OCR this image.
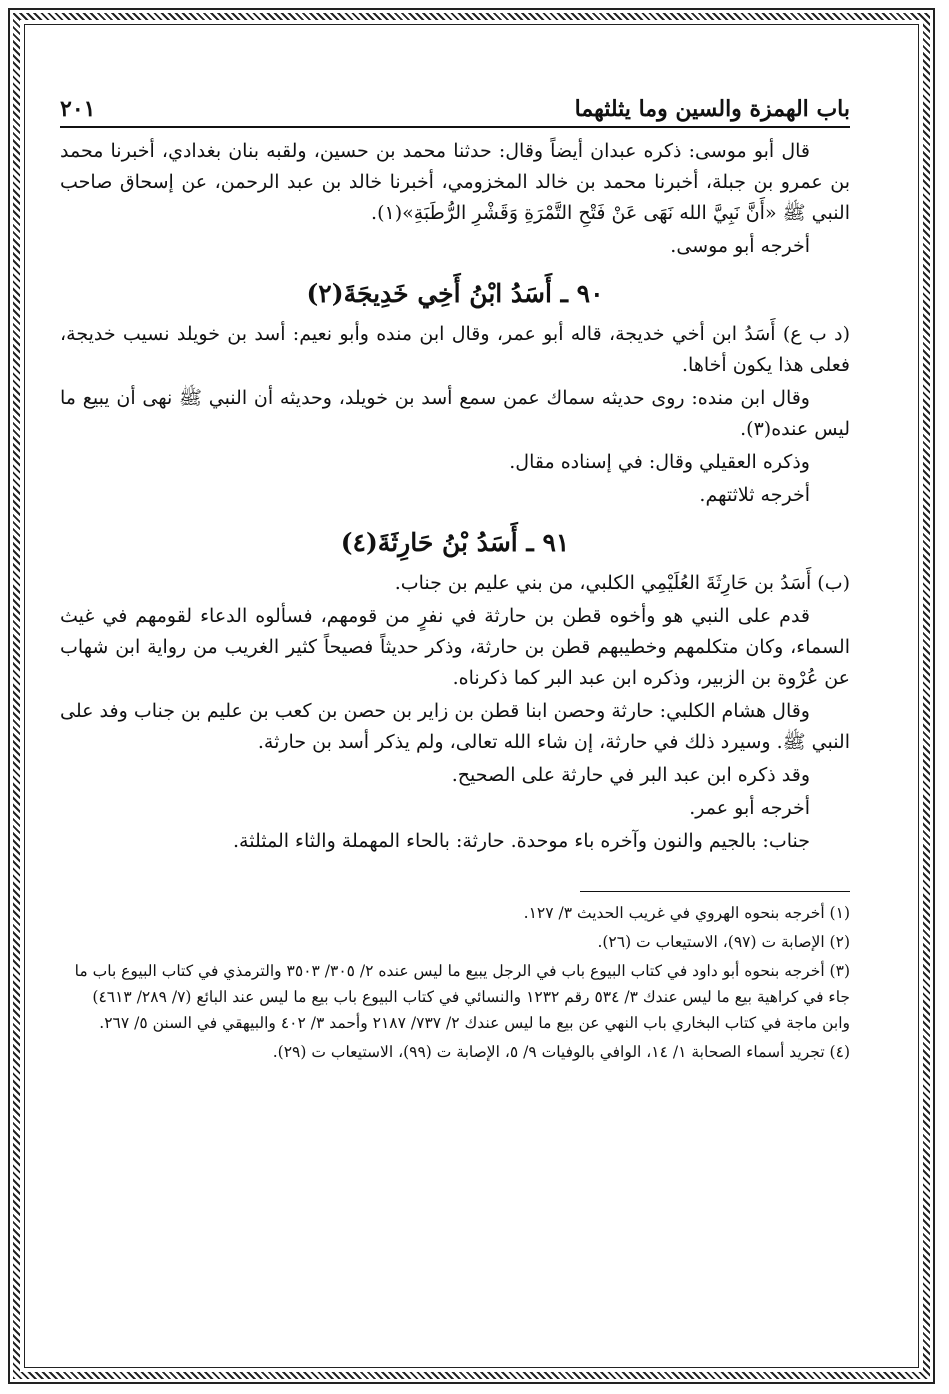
باب الهمزة والسين وما يثلثهما
٢٠١

قال أبو موسى: ذكره عبدان أيضاً وقال: حدثنا محمد بن حسين، ولقبه بنان بغدادي، أخبرنا محمد بن عمرو بن جبلة، أخبرنا محمد بن خالد المخزومي، أخبرنا خالد بن عبد الرحمن، عن إسحاق صاحب النبي ﷺ «أَنَّ نَبِيَّ الله نَهَى عَنْ فَتْحِ التَّمْرَةِ وَقَشْرِ الرُّطَبَةِ»(١).

أخرجه أبو موسى.

٩٠ ـ أَسَدُ ابْنُ أَخِي خَدِيجَةَ(٢)

(د ب ع) أَسَدُ ابن أخي خديجة، قاله أبو عمر، وقال ابن منده وأبو نعيم: أسد بن خويلد نسيب خديجة، فعلى هذا يكون أخاها.

وقال ابن منده: روى حديثه سماك عمن سمع أسد بن خويلد، وحديثه أن النبي ﷺ نهى أن يبيع ما ليس عنده(٣).

وذكره العقيلي وقال: في إسناده مقال.

أخرجه ثلاثتهم.

٩١ ـ أَسَدُ بْنُ حَارِثَةَ(٤)

(ب) أَسَدُ بن حَارِثَةَ العُلَيْمِي الكلبي، من بني عليم بن جناب.

قدم على النبي هو وأخوه قطن بن حارثة في نفرٍ من قومهم، فسألوه الدعاء لقومهم في غيث السماء، وكان متكلمهم وخطيبهم قطن بن حارثة، وذكر حديثاً فصيحاً كثير الغريب من رواية ابن شهاب عن عُرْوة بن الزبير، وذكره ابن عبد البر كما ذكرناه.

وقال هشام الكلبي: حارثة وحصن ابنا قطن بن زاير بن حصن بن كعب بن عليم بن جناب وفد على النبي ﷺ. وسيرد ذلك في حارثة، إن شاء الله تعالى، ولم يذكر أسد بن حارثة.

وقد ذكره ابن عبد البر في حارثة على الصحيح.

أخرجه أبو عمر.

جناب: بالجيم والنون وآخره باء موحدة. حارثة: بالحاء المهملة والثاء المثلثة.

(١) أخرجه بنحوه الهروي في غريب الحديث ٣/ ١٢٧.

(٢) الإصابة ت (٩٧)، الاستيعاب ت (٢٦).

(٣) أخرجه بنحوه أبو داود في كتاب البيوع باب في الرجل يبيع ما ليس عنده ٢/ ٣٠٥/ ٣٥٠٣ والترمذي في كتاب البيوع باب ما جاء في كراهية بيع ما ليس عندك ٣/ ٥٣٤ رقم ١٢٣٢ والنسائي في كتاب البيوع باب بيع ما ليس عند البائع (٧/ ٢٨٩/ ٤٦١٣) وابن ماجة في كتاب البخاري باب النهي عن بيع ما ليس عندك ٢/ ٧٣٧/ ٢١٨٧ وأحمد ٣/ ٤٠٢ والبيهقي في السنن ٥/ ٢٦٧.

(٤) تجريد أسماء الصحابة ١/ ١٤، الوافي بالوفيات ٩/ ٥، الإصابة ت (٩٩)، الاستيعاب ت (٢٩).
